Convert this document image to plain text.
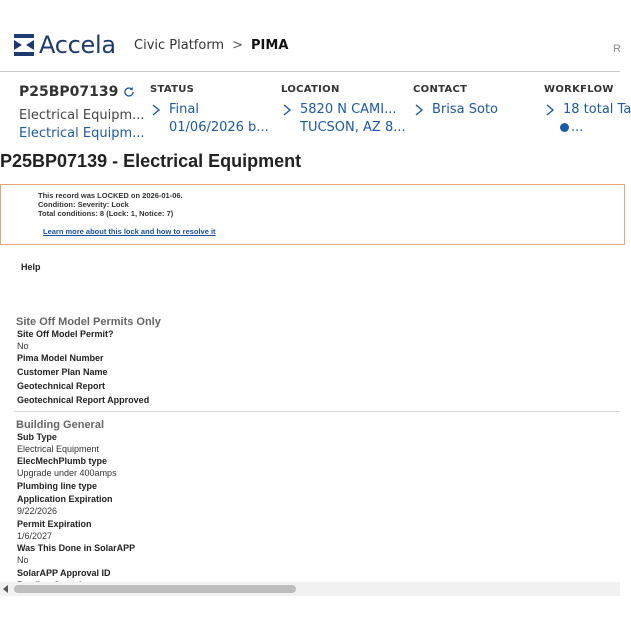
Accela Civic Platform > PIMA	R
P25BP07139
Electrical Equipm...
Electrical Equipm...
STATUS
Final
01/06/2026 b...
LOCATION
5820 N CAMI...
TUCSON, AZ 8...
CONTACT
Brisa Soto
WORKFLOW
18 total Ta
...
P25BP07139 - Electrical Equipment
This record was LOCKED on 2026-01-06.
Condition: Severity: Lock
Total conditions: 8 (Lock: 1, Notice: 7)
Learn more about this lock and how to resolve it
Help
Site Off Model Permits Only
Site Off Model Permit?
No
Pima Model Number
Customer Plan Name
Geotechnical Report
Geotechnical Report Approved
Building General
Sub Type
Electrical Equipment
ElecMechPlumb type
Upgrade under 400amps
Plumbing line type
Application Expiration
9/22/2026
Permit Expiration
1/6/2027
Was This Done in SolarAPP
No
SolarAPP Approval ID
